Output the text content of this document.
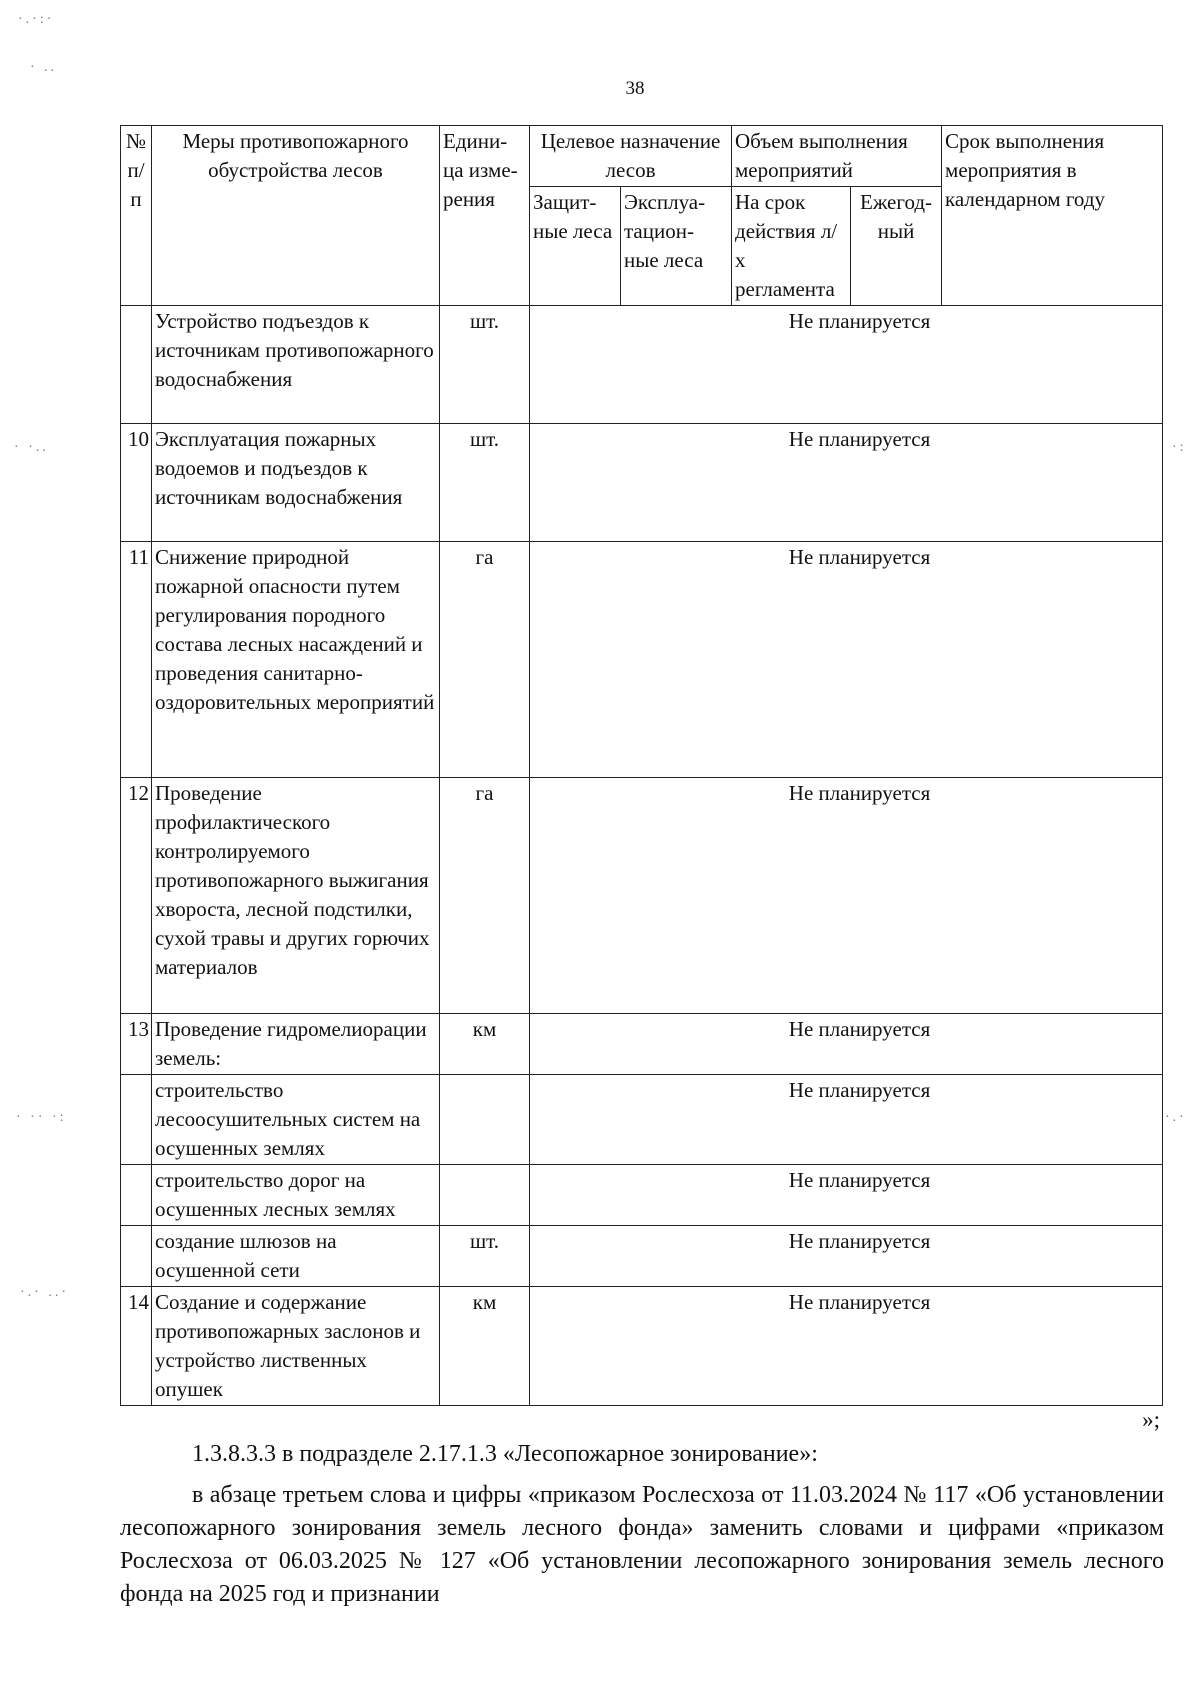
38
№ п/п	Меры противопожарного обустройства лесов	Едини-ца изме-рения	Целевое назначение лесов		Объем выполнения мероприятий		Срок выполнения мероприятия в календарном году
			Защит-ные леса	Эксплуа-тацион-ные леса	На срок действия л/х регламента	Ежегод-ный	
	Устройство подъездов к источникам противопожарного водоснабжения	шт.	Не планируется				
10	Эксплуатация пожарных водоемов и подъездов к источникам водоснабжения	шт.	Не планируется				
11	Снижение природной пожарной опасности путем регулирования породного состава лесных насаждений и проведения санитарно-оздоровительных мероприятий	га	Не планируется				
12	Проведение профилактического контролируемого противопожарного выжигания хвороста, лесной подстилки, сухой травы и других горючих материалов	га	Не планируется				
13	Проведение гидромелиорации земель:	км	Не планируется				
	строительство лесоосушительных систем на осушенных землях		Не планируется				
	строительство дорог на осушенных лесных землях		Не планируется				
	создание шлюзов на осушенной сети	шт.	Не планируется				
14	Создание и содержание противопожарных заслонов и устройство лиственных опушек	км	Не планируется				
»;
1.3.8.3.3 в подразделе 2.17.1.3 «Лесопожарное зонирование»:
в абзаце третьем слова и цифры «приказом Рослесхоза от 11.03.2024 № 117 «Об установлении лесопожарного зонирования земель лесного фонда» заменить словами и цифрами «приказом Рослесхоза от 06.03.2025 № 127 «Об установлении лесопожарного зонирования земель лесного фонда на 2025 год и признании
·.·:·
· ..
· ·..
· ·· ·:
·.· ..·
·:
·.·
